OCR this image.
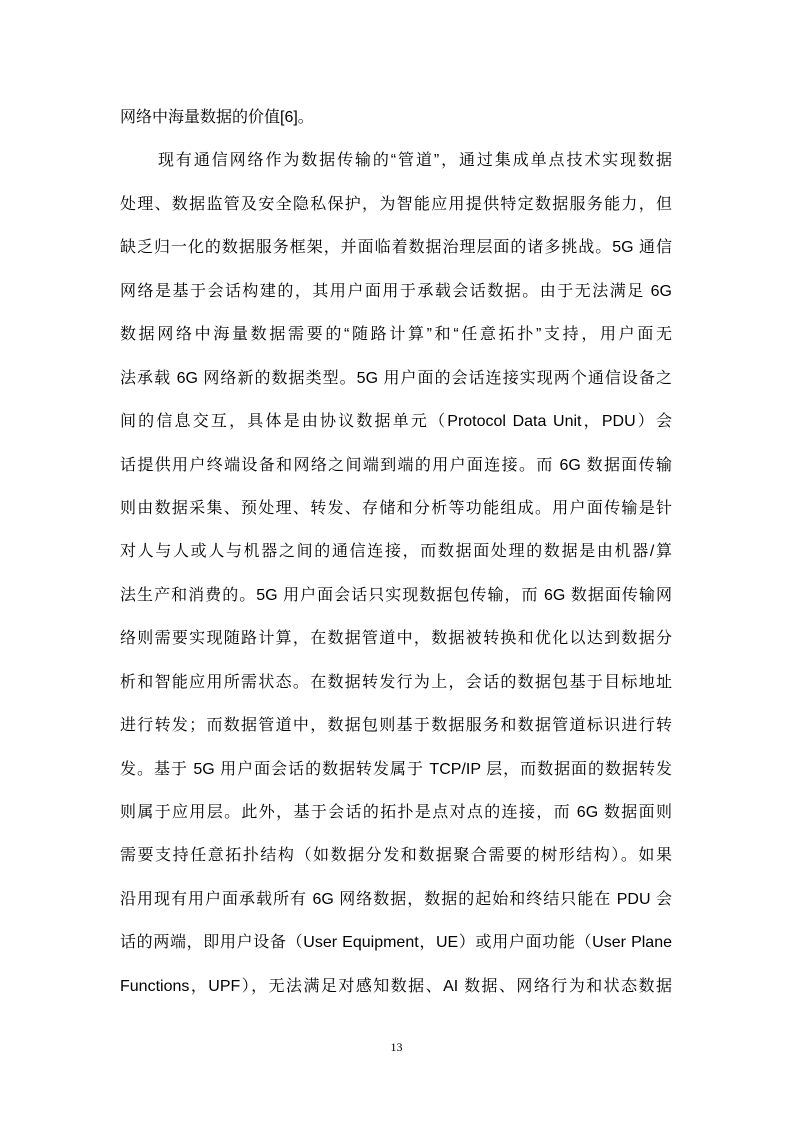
网络中海量数据的价值[6]。
现有通信网络作为数据传输的“管道”，通过集成单点技术实现数据
处理、数据监管及安全隐私保护，为智能应用提供特定数据服务能力，但
缺乏归一化的数据服务框架，并面临着数据治理层面的诸多挑战。5G 通信
网络是基于会话构建的，其用户面用于承载会话数据。由于无法满足 6G
数据网络中海量数据需要的“随路计算”和“任意拓扑”支持，用户面无
法承载 6G 网络新的数据类型。5G 用户面的会话连接实现两个通信设备之
间的信息交互，具体是由协议数据单元（Protocol Data Unit，PDU）会
话提供用户终端设备和网络之间端到端的用户面连接。而 6G 数据面传输
则由数据采集、预处理、转发、存储和分析等功能组成。用户面传输是针
对人与人或人与机器之间的通信连接，而数据面处理的数据是由机器/算
法生产和消费的。5G 用户面会话只实现数据包传输，而 6G 数据面传输网
络则需要实现随路计算，在数据管道中，数据被转换和优化以达到数据分
析和智能应用所需状态。在数据转发行为上，会话的数据包基于目标地址
进行转发；而数据管道中，数据包则基于数据服务和数据管道标识进行转
发。基于 5G 用户面会话的数据转发属于 TCP/IP 层，而数据面的数据转发
则属于应用层。此外，基于会话的拓扑是点对点的连接，而 6G 数据面则
需要支持任意拓扑结构（如数据分发和数据聚合需要的树形结构）。如果
沿用现有用户面承载所有 6G 网络数据，数据的起始和终结只能在 PDU 会
话的两端，即用户设备（User Equipment，UE）或用户面功能（User Plane
Functions，UPF），无法满足对感知数据、AI 数据、网络行为和状态数据
13
